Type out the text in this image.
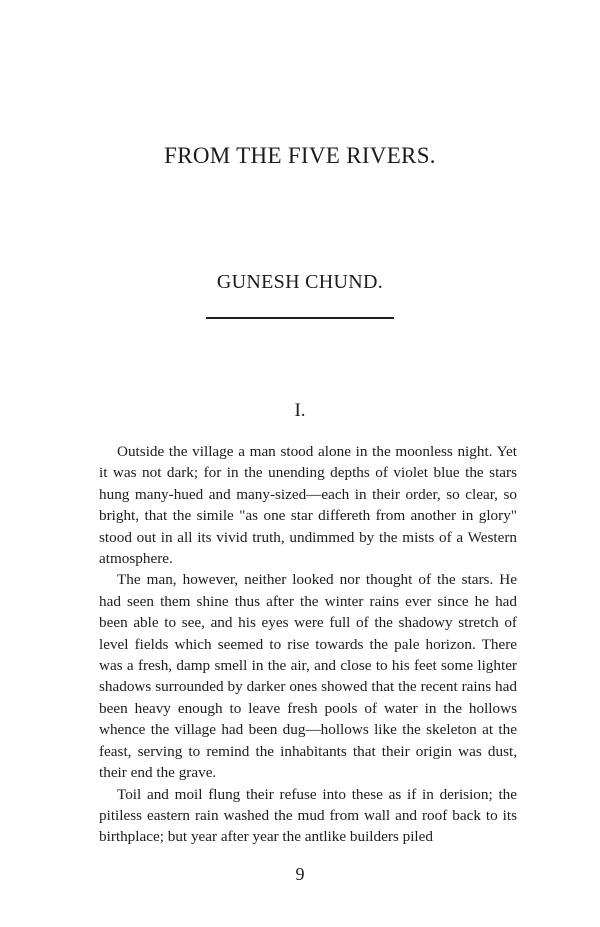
FROM THE FIVE RIVERS.
GUNESH CHUND.
I.

Outside the village a man stood alone in the moonless night. Yet it was not dark; for in the unending depths of violet blue the stars hung many-hued and many-sized—each in their order, so clear, so bright, that the simile "as one star differeth from another in glory" stood out in all its vivid truth, undimmed by the mists of a Western atmosphere.

The man, however, neither looked nor thought of the stars. He had seen them shine thus after the winter rains ever since he had been able to see, and his eyes were full of the shadowy stretch of level fields which seemed to rise towards the pale horizon. There was a fresh, damp smell in the air, and close to his feet some lighter shadows surrounded by darker ones showed that the recent rains had been heavy enough to leave fresh pools of water in the hollows whence the village had been dug—hollows like the skeleton at the feast, serving to remind the inhabitants that their origin was dust, their end the grave.

Toil and moil flung their refuse into these as if in derision; the pitiless eastern rain washed the mud from wall and roof back to its birthplace; but year after year the antlike builders piled

9
